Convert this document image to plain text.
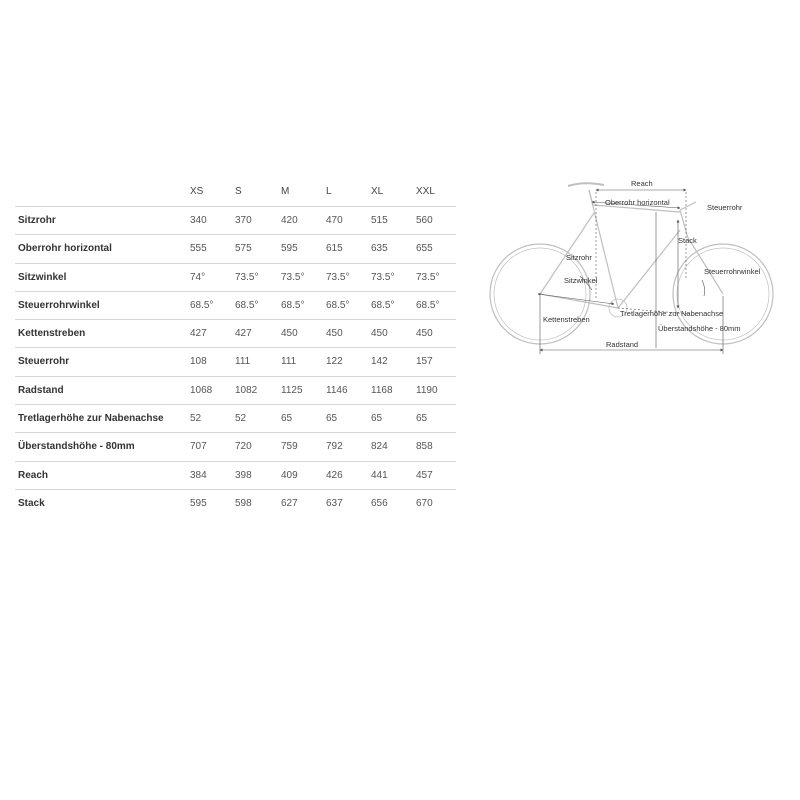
XS	S	M	L	XL	XXL
Sitzrohr	340	370	420	470	515	560
Oberrohr horizontal	555	575	595	615	635	655
Sitzwinkel	74°	73.5° 73.5° 73.5° 73.5° 73.5°
Steuerrohrwinkel	68.5° 68.5° 68.5° 68.5° 68.5° 68.5°
Kettenstreben	427	427	450	450	450	450
Steuerrohr	108	111	111	122	142	157
Radstand	1068 1082 1125 1146 1168 1190
Tretlagerhöhe zur Nabenachse	52	52	65	65	65	65
Überstandshöhe - 80mm	707	720	759	792	824	858
Reach	384	398	409	426	441	457
Stack	595	598	627	637	656	670
Reach
Oberrohr horizontal
Steuerrohr
Stack
Sitzrohr
Sitzwinkel
Steuerrohrwinkel
Kettenstreben
Tretlagerhöhe zur Nabenachse
Überstandshöhe - 80mm
Radstand
